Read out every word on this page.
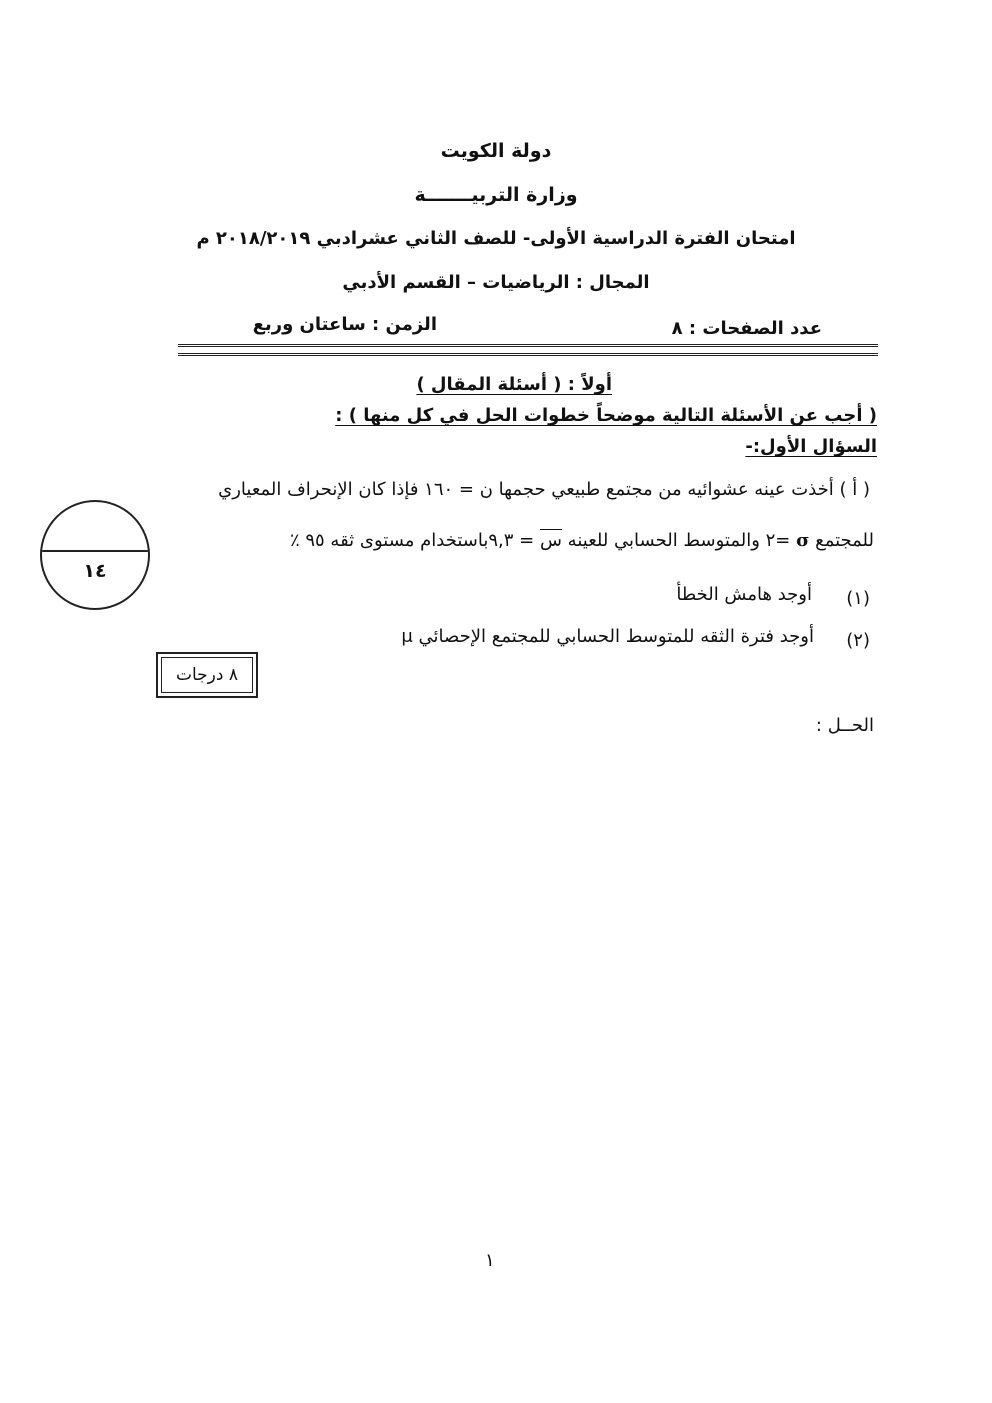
دولة الكويت
وزارة التربيـــــــة
امتحان الفترة الدراسية الأولى- للصف الثاني عشرادبي ٢٠١٨/٢٠١٩ م
المجال : الرياضيات – القسم الأدبي
عدد الصفحات : ٨
الزمن : ساعتان وربع
أولاً : ( أسئلة المقال )
( أجب عن الأسئلة التالية موضحاً خطوات الحل في كل منها ) :
السؤال الأول:-
( أ ) أخذت عينه عشوائيه من مجتمع طبيعي حجمها ن = ١٦٠ فإذا كان الإنحراف المعياري
للمجتمع σ =٢ والمتوسط الحسابي للعينه س = ٩,٣باستخدام مستوى ثقه ٩٥ ٪
(١)
أوجد هامش الخطأ
(٢)
أوجد فترة الثقه للمتوسط الحسابي للمجتمع الإحصائي μ
١٤
٨ درجات
الحــل :
١
